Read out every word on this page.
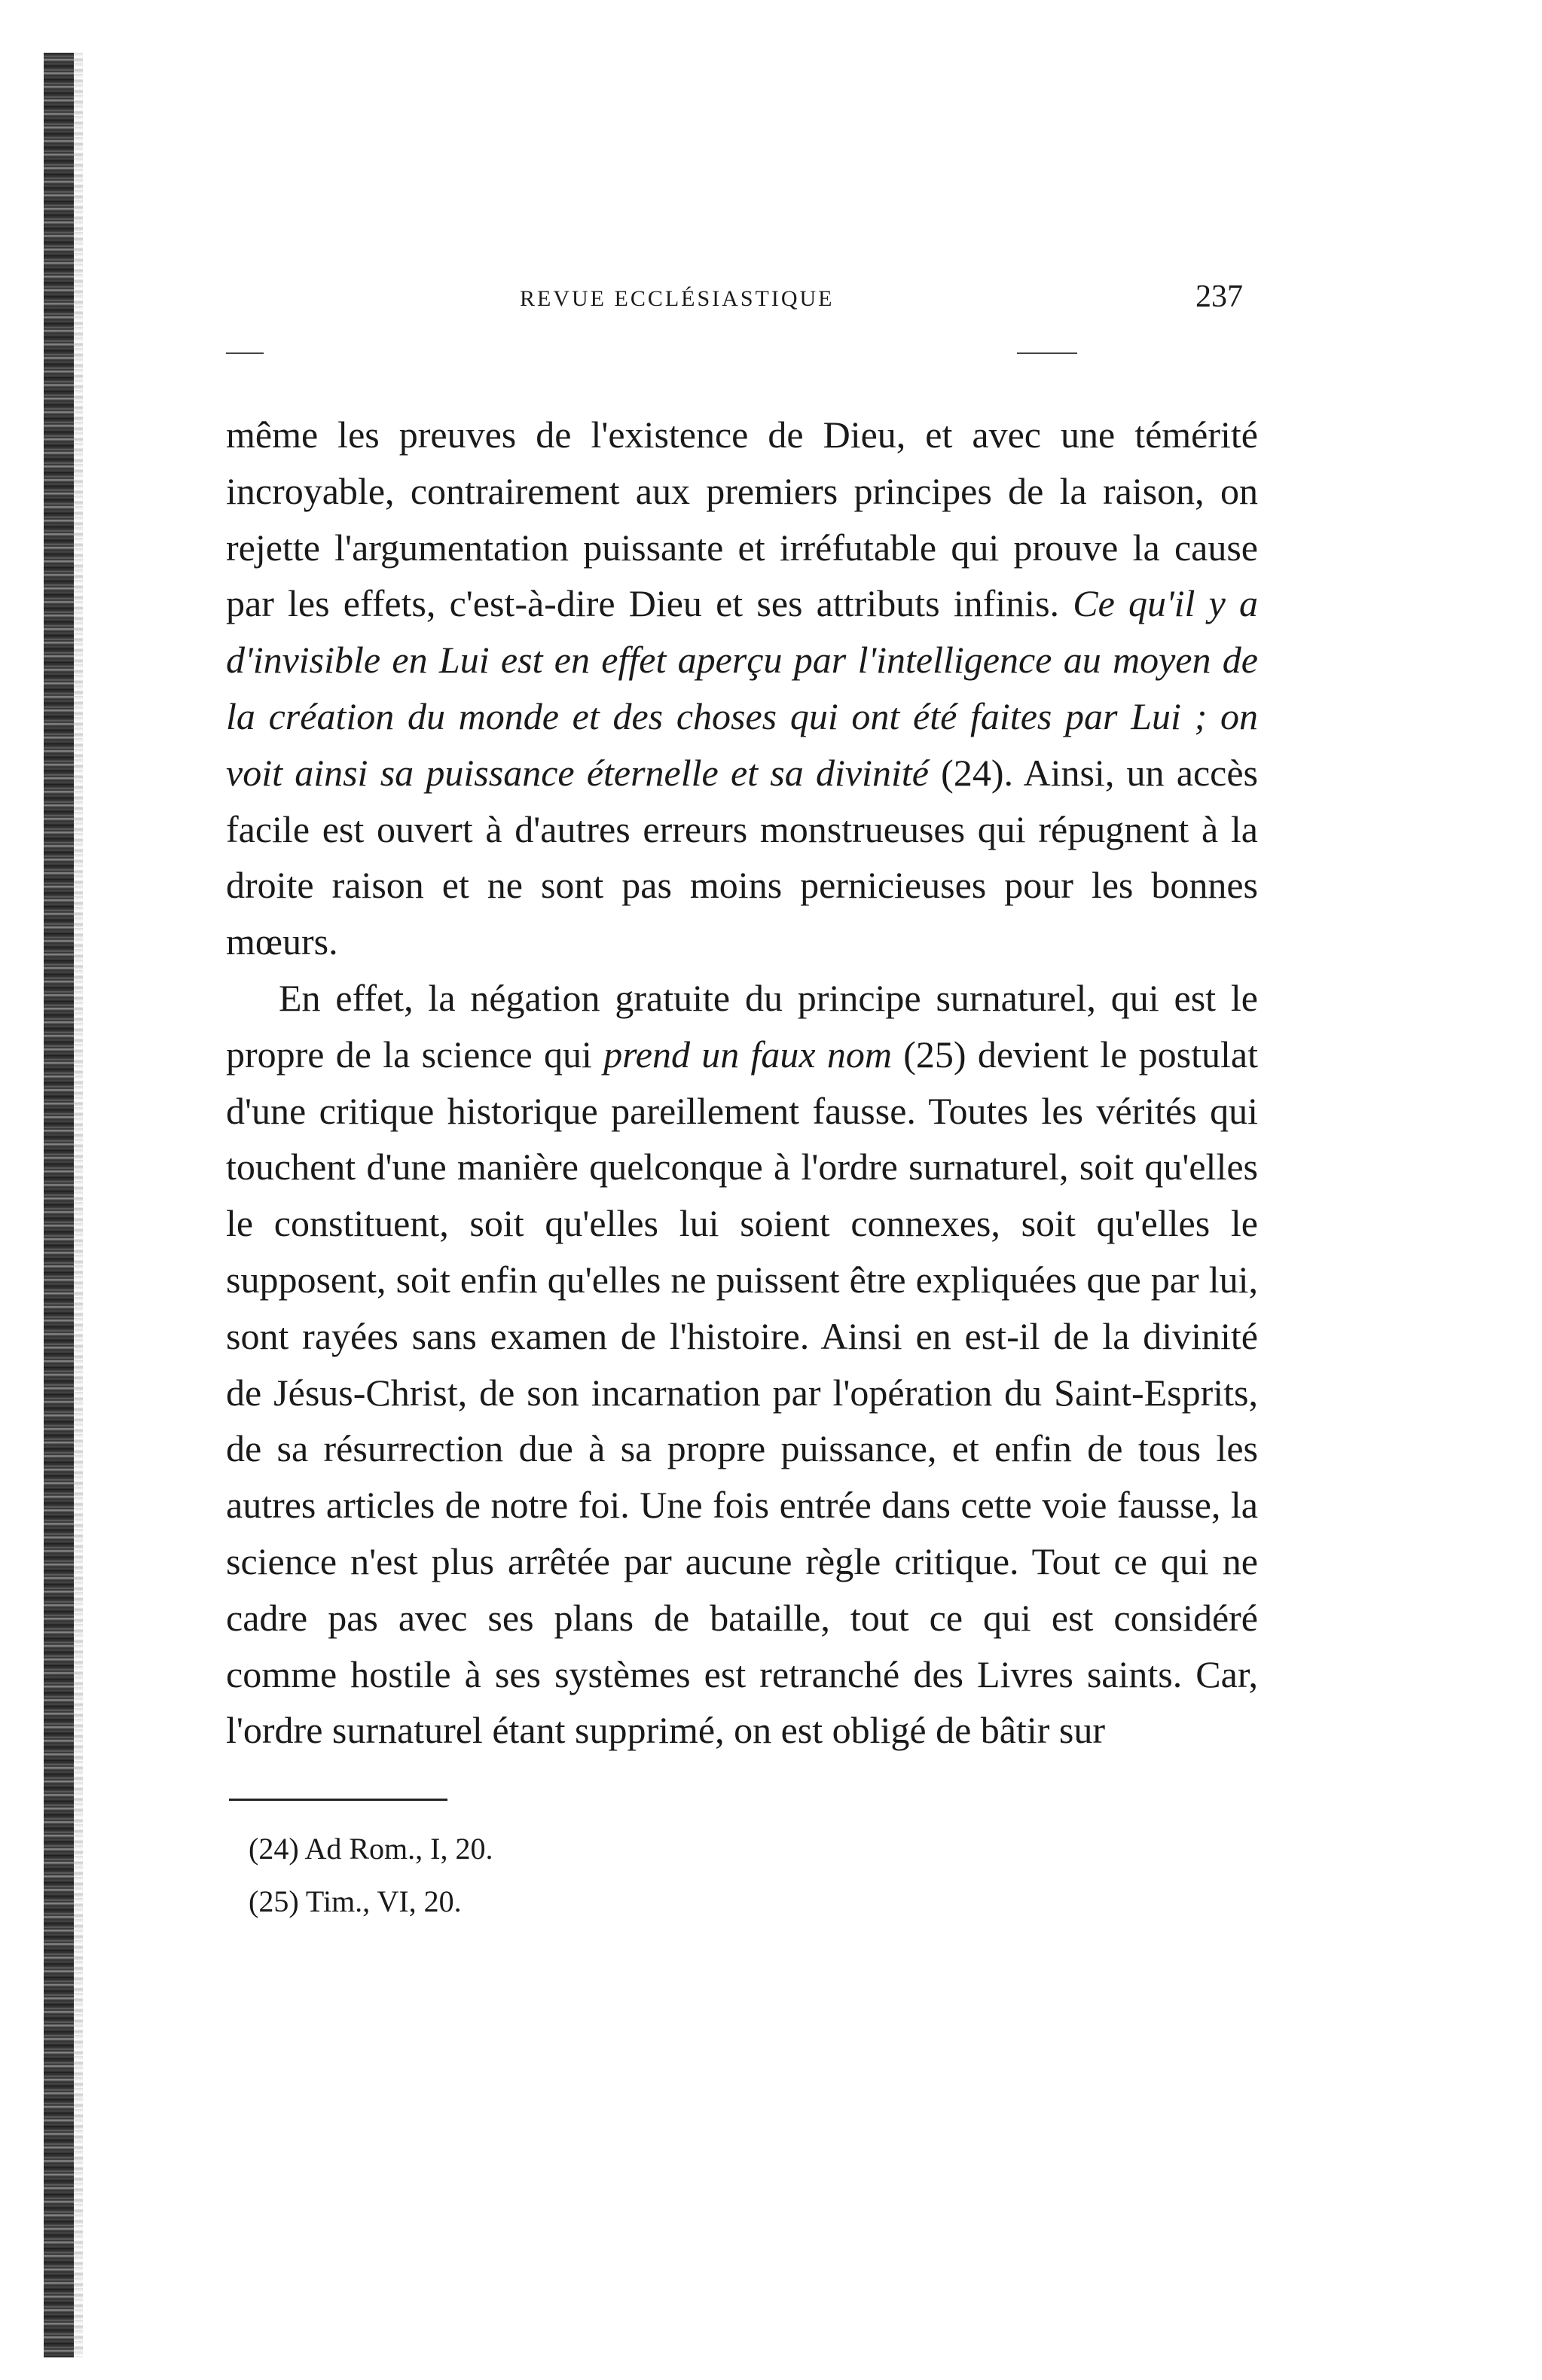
REVUE ECCLÉSIASTIQUE	237

même les preuves de l'existence de Dieu, et avec une témérité incroyable, contrairement aux premiers principes de la raison, on rejette l'argumentation puissante et irréfutable qui prouve la cause par les effets, c'est-à-dire Dieu et ses attributs infinis. Ce qu'il y a d'invisible en Lui est en effet aperçu par l'intelligence au moyen de la création du monde et des choses qui ont été faites par Lui ; on voit ainsi sa puissance éternelle et sa divinité (24). Ainsi, un accès facile est ouvert à d'autres erreurs monstrueuses qui répugnent à la droite raison et ne sont pas moins pernicieuses pour les bonnes mœurs.

En effet, la négation gratuite du principe surnaturel, qui est le propre de la science qui prend un faux nom (25) devient le postulat d'une critique historique pareillement fausse. Toutes les vérités qui touchent d'une manière quelconque à l'ordre surnaturel, soit qu'elles le constituent, soit qu'elles lui soient connexes, soit qu'elles le supposent, soit enfin qu'elles ne puissent être expliquées que par lui, sont rayées sans examen de l'histoire. Ainsi en est-il de la divinité de Jésus-Christ, de son incarnation par l'opération du Saint-Esprits, de sa résurrection due à sa propre puissance, et enfin de tous les autres articles de notre foi. Une fois entrée dans cette voie fausse, la science n'est plus arrêtée par aucune règle critique. Tout ce qui ne cadre pas avec ses plans de bataille, tout ce qui est considéré comme hostile à ses systèmes est retranché des Livres saints. Car, l'ordre surnaturel étant supprimé, on est obligé de bâtir sur

(24) Ad Rom., I, 20.
(25) Tim., VI, 20.
